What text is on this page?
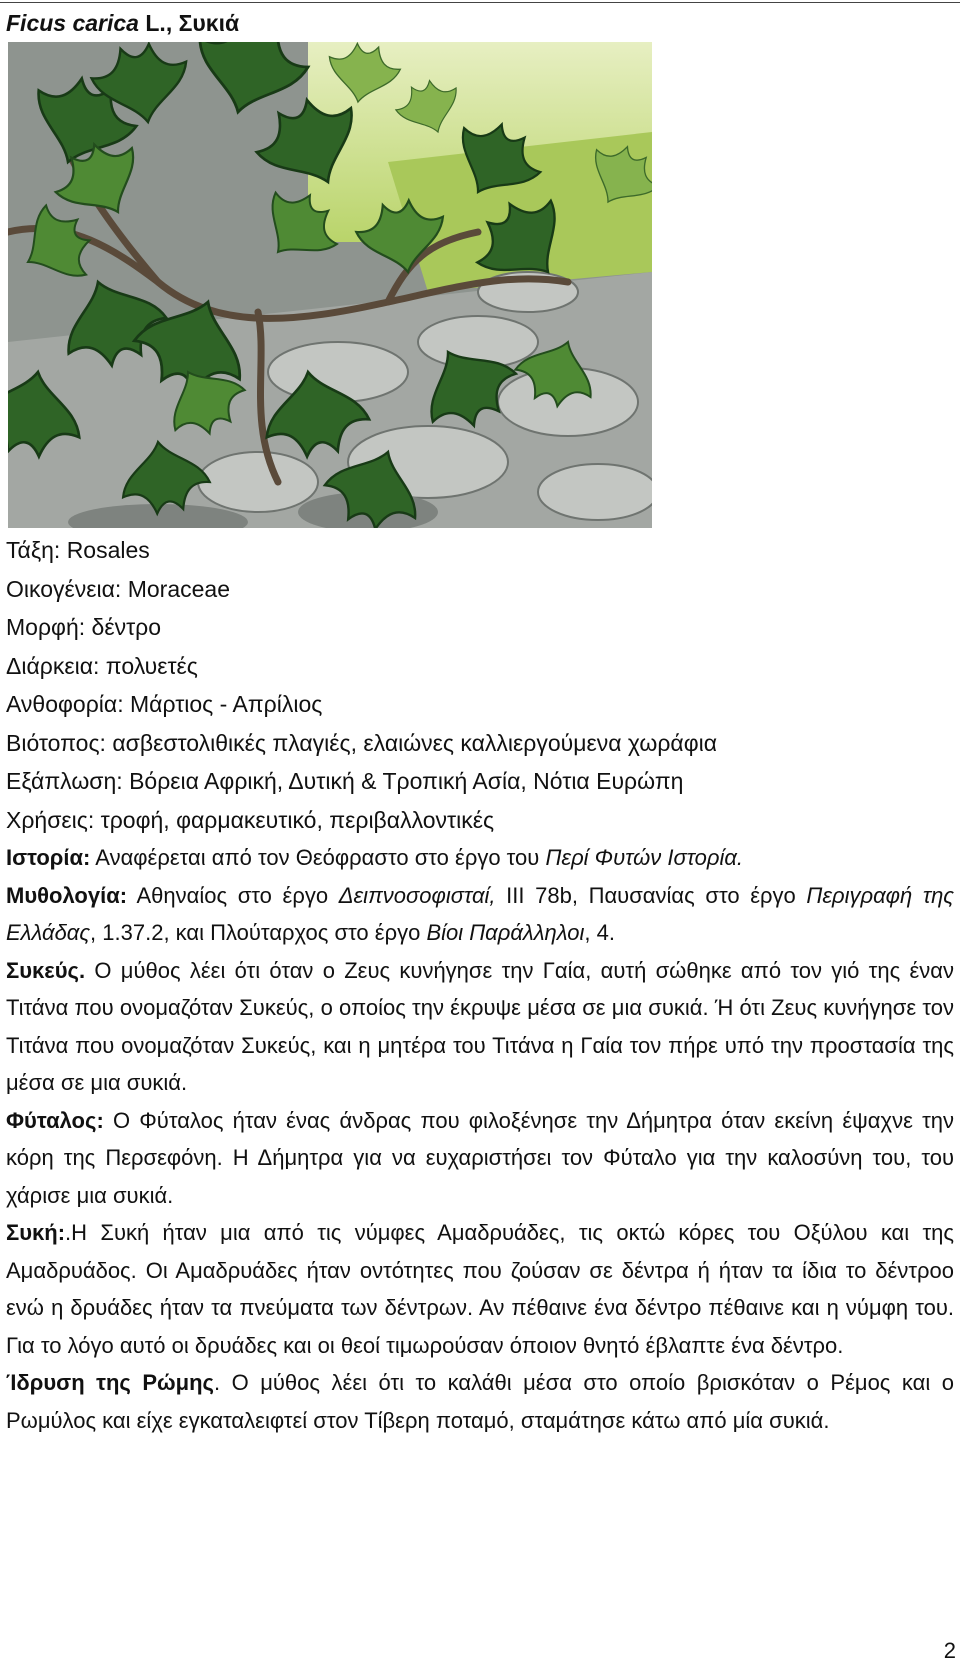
Ficus carica L., Συκιά
Τάξη: Rosales
Οικογένεια: Moraceae
Μορφή: δέντρο
Διάρκεια: πολυετές
Ανθοφορία: Μάρτιος - Απρίλιος
Βιότοπος: ασβεστολιθικές πλαγιές, ελαιώνες καλλιεργούμενα χωράφια
Εξάπλωση: Βόρεια Αφρική, Δυτική & Τροπική Ασία, Νότια Ευρώπη
Χρήσεις: τροφή, φαρμακευτικό, περιβαλλοντικές

Ιστορία: Αναφέρεται από τον Θεόφραστο στο έργο του Περί Φυτών Ιστορία.

Μυθολογία: Αθηναίος στο έργο Δειπνοσοφισταί, ΙΙΙ 78b, Παυσανίας στο έργο Περιγραφή της Ελλάδας, 1.37.2, και Πλούταρχος στο έργο Βίοι Παράλληλοι, 4.

Συκεύς. Ο μύθος λέει ότι όταν ο Ζευς κυνήγησε την Γαία, αυτή σώθηκε από τον γιό της έναν Τιτάνα που ονομαζόταν Συκεύς, ο οποίος την έκρυψε μέσα σε μια συκιά. Ή ότι Ζευς κυνήγησε τον Τιτάνα που ονομαζόταν Συκεύς, και η μητέρα του Τιτάνα η Γαία τον πήρε υπό την προστασία της μέσα σε μια συκιά.

Φύταλος: Ο Φύταλος ήταν ένας άνδρας που φιλοξένησε την Δήμητρα όταν εκείνη έψαχνε την κόρη της Περσεφόνη. Η Δήμητρα για να ευχαριστήσει τον Φύταλο για την καλοσύνη του, του χάρισε μια συκιά.

Συκή:.Η Συκή ήταν μια από τις νύμφες Αμαδρυάδες, τις οκτώ κόρες του Οξύλου και της Αμαδρυάδος. Οι Αμαδρυάδες ήταν οντότητες που ζούσαν σε δέντρα ή ήταν τα ίδια το δέντροο ενώ η δρυάδες ήταν τα πνεύματα των δέντρων. Αν πέθαινε ένα δέντρο πέθαινε και η νύμφη του. Για το λόγο αυτό οι δρυάδες και οι θεοί τιμωρούσαν όποιον θνητό έβλαπτε ένα δέντρο.

Ίδρυση της Ρώμης. Ο μύθος λέει ότι το καλάθι μέσα στο οποίο βρισκόταν ο Ρέμος και ο Ρωμύλος και είχε εγκαταλειφτεί στον Τίβερη ποταμό, σταμάτησε κάτω από μία συκιά.

2
